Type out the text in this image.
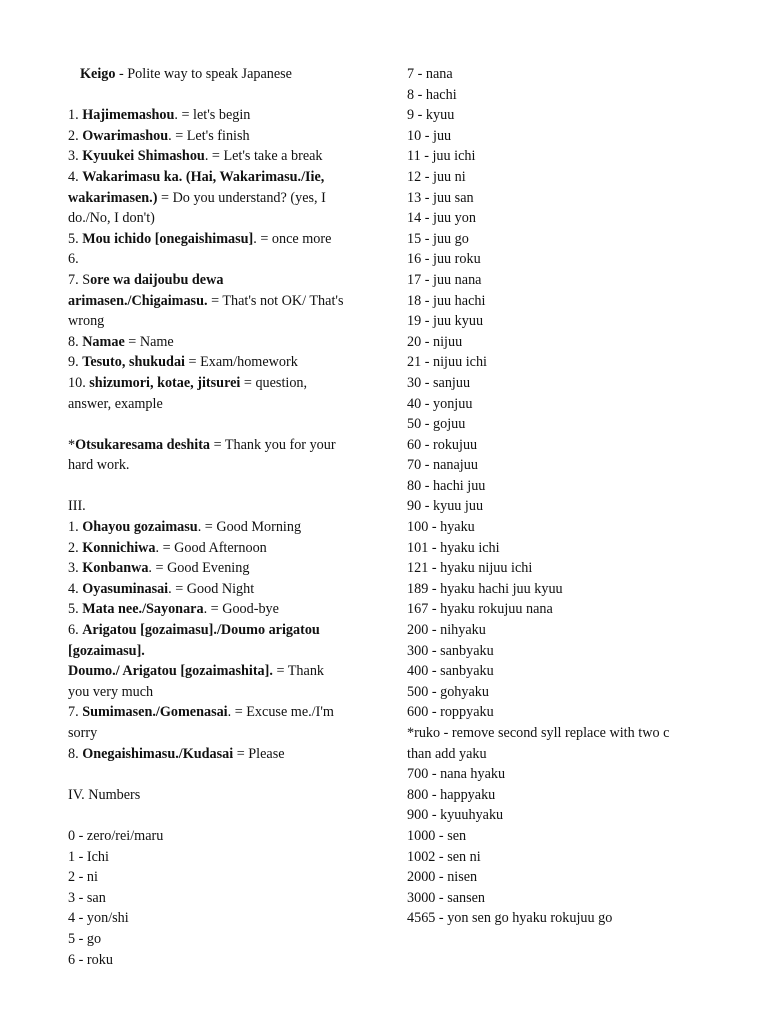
Keigo - Polite way to speak Japanese
1. Hajimemashou. = let's begin
2. Owarimashou. = Let's finish
3. Kyuukei Shimashou. = Let's take a break
4. Wakarimasu ka. (Hai, Wakarimasu./Iie,
wakarimasen.) = Do you understand? (yes, I
do./No, I don't)
5. Mou ichido [onegaishimasu]. = once more
6.
7. Sore wa daijoubu dewa
arimasen./Chigaimasu. = That's not OK/ That's
wrong
8. Namae = Name
9. Tesuto, shukudai = Exam/homework
10. shizumori, kotae, jitsurei = question,
answer, example
*Otsukaresama deshita = Thank you for your
hard work.
III.
1. Ohayou gozaimasu. = Good Morning
2. Konnichiwa. = Good Afternoon
3. Konbanwa. = Good Evening
4. Oyasuminasai. = Good Night
5. Mata nee./Sayonara. = Good-bye
6. Arigatou [gozaimasu]./Doumo arigatou
[gozaimasu].
Doumo./ Arigatou [gozaimashita]. = Thank
you very much
7. Sumimasen./Gomenasai. = Excuse me./I'm
sorry
8. Onegaishimasu./Kudasai = Please
IV. Numbers
0 - zero/rei/maru
1 - Ichi
2 - ni
3 - san
4 - yon/shi
5 - go
6 - roku
7 - nana
8 - hachi
9 - kyuu
10 - juu
11 - juu ichi
12 - juu ni
13 - juu san
14 - juu yon
15 - juu go
16 - juu roku
17 - juu nana
18 - juu hachi
19 - juu kyuu
20 - nijuu
21 - nijuu ichi
30 - sanjuu
40 - yonjuu
50 - gojuu
60 - rokujuu
70 - nanajuu
80 - hachi juu
90 - kyuu juu
100 - hyaku
101 - hyaku ichi
121 - hyaku nijuu ichi
189 - hyaku hachi juu kyuu
167 - hyaku rokujuu nana
200 - nihyaku
300 - sanbyaku
400 - sanbyaku
500 - gohyaku
600 - roppyaku
*ruko - remove second syll replace with two c
than add yaku
700 - nana hyaku
800 - happyaku
900 - kyuuhyaku
1000 - sen
1002 - sen ni
2000 - nisen
3000 - sansen
4565 - yon sen go hyaku rokujuu go
